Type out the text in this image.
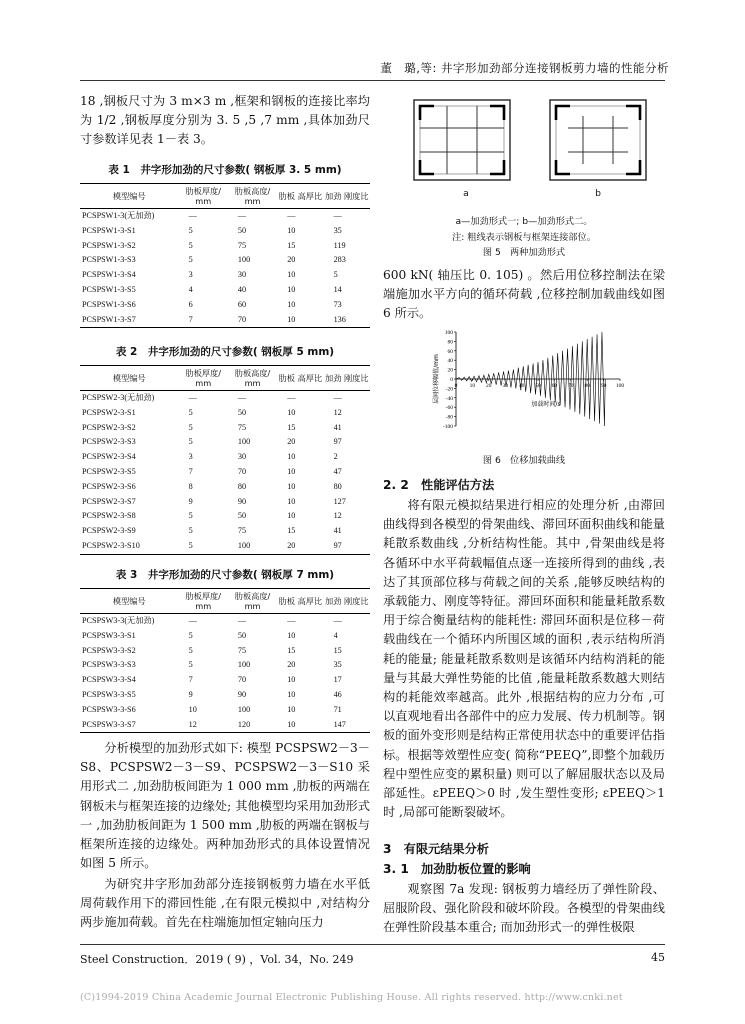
董　璐,等: 井字形加劲部分连接钢板剪力墙的性能分析
18 ,钢板尺寸为 3 m×3 m ,框架和钢板的连接比率均为 1/2 ,钢板厚度分别为 3. 5 ,5 ,7 mm ,具体加劲尺寸参数详见表 1－表 3。
表 1　井字形加劲的尺寸参数( 钢板厚 3. 5 mm)
模型编号	肋板厚度/ mm	肋板高度/ mm	肋板 高厚比	加劲 刚度比
PCSPSW1-3(无加劲)	—	—	—	—
PCSPSW1-3-S1	5	50	10	35
PCSPSW1-3-S2	5	75	15	119
PCSPSW1-3-S3	5	100	20	283
PCSPSW1-3-S4	3	30	10	5
PCSPSW1-3-S5	4	40	10	14
PCSPSW1-3-S6	6	60	10	73
PCSPSW1-3-S7	7	70	10	136
表 2　井字形加劲的尺寸参数( 钢板厚 5 mm)
模型编号	肋板厚度/ mm	肋板高度/ mm	肋板 高厚比	加劲 刚度比
PCSPSW2-3(无加劲)	—	—	—	—
PCSPSW2-3-S1	5	50	10	12
PCSPSW2-3-S2	5	75	15	41
PCSPSW2-3-S3	5	100	20	97
PCSPSW2-3-S4	3	30	10	2
PCSPSW2-3-S5	7	70	10	47
PCSPSW2-3-S6	8	80	10	80
PCSPSW2-3-S7	9	90	10	127
PCSPSW2-3-S8	5	50	10	12
PCSPSW2-3-S9	5	75	15	41
PCSPSW2-3-S10	5	100	20	97
表 3　井字形加劲的尺寸参数( 钢板厚 7 mm)
模型编号	肋板厚度/ mm	肋板高度/ mm	肋板 高厚比	加劲 刚度比
PCSPSW3-3(无加劲)	—	—	—	—
PCSPSW3-3-S1	5	50	10	4
PCSPSW3-3-S2	5	75	15	15
PCSPSW3-3-S3	5	100	20	35
PCSPSW3-3-S4	7	70	10	17
PCSPSW3-3-S5	9	90	10	46
PCSPSW3-3-S6	10	100	10	71
PCSPSW3-3-S7	12	120	10	147
分析模型的加劲形式如下: 模型 PCSPSW2－3－S8、PCSPSW2－3－S9、PCSPSW2－3－S10 采用形式二 ,加劲肋板间距为 1 000 mm ,肋板的两端在钢板未与框架连接的边缘处; 其他模型均采用加劲形式一 ,加劲肋板间距为 1 500 mm ,肋板的两端在钢板与框架所连接的边缘处。两种加劲形式的具体设置情况如图 5 所示。
为研究井字形加劲部分连接钢板剪力墙在水平低周荷载作用下的滞回性能 ,在有限元模拟中 ,对结构分两步施加荷载。首先在柱端施加恒定轴向压力
a	b
a—加劲形式一; b—加劲形式二。
注: 粗线表示钢板与框架连接部位。
图 5　两种加劲形式
600 kN( 轴压比 0. 105) 。然后用位移控制法在梁端施加水平方向的循环荷载 ,位移控制加载曲线如图 6 所示。
-100
-80
-60
-40
-20
0
20
40
60
80
100
0 10 20 30 40 50 60 70 80 90 100
层间位移幅值/mm
加载时间/s
图 6　位移加载曲线
2. 2　性能评估方法
将有限元模拟结果进行相应的处理分析 ,由滞回曲线得到各模型的骨架曲线、滞回环面积曲线和能量耗散系数曲线 ,分析结构性能。其中 ,骨架曲线是将各循环中水平荷载幅值点逐一连接所得到的曲线 ,表达了其顶部位移与荷载之间的关系 ,能够反映结构的承载能力、刚度等特征。滞回环面积和能量耗散系数用于综合衡量结构的能耗性: 滞回环面积是位移－荷载曲线在一个循环内所围区域的面积 ,表示结构所消耗的能量; 能量耗散系数则是该循环内结构消耗的能量与其最大弹性势能的比值 ,能量耗散系数越大则结构的耗能效率越高。此外 ,根据结构的应力分布 ,可以直观地看出各部件中的应力发展、传力机制等。钢板的面外变形则是结构正常使用状态中的重要评估指标。根据等效塑性应变( 简称“PEEQ”,即整个加载历程中塑性应变的累积量) 则可以了解屈服状态以及局部延性。εPEEQ＞0 时 ,发生塑性变形; εPEEQ＞1 时 ,局部可能断裂破坏。
3　有限元结果分析
3. 1　加劲肋板位置的影响
观察图 7a 发现: 钢板剪力墙经历了弹性阶段、屈服阶段、强化阶段和破坏阶段。各模型的骨架曲线在弹性阶段基本重合; 而加劲形式一的弹性极限
Steel Construction．2019 ( 9) ，Vol. 34，No. 249	45
(C)1994-2019 China Academic Journal Electronic Publishing House. All rights reserved. http://www.cnki.net
